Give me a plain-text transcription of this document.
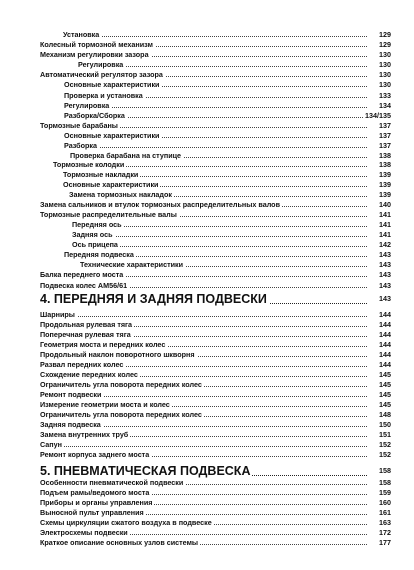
Установка	129
Колесный тормозной механизм	129
Механизм регулировки зазора	130
Регулировка	130
Автоматический регулятор зазора	130
Основные характеристики	130
Проверка и установка	133
Регулировка	134
Разборка/Сборка	134/135
Тормозные барабаны	137
Основные характеристики	137
Разборка	137
Проверка барабана на ступице	138
Тормозные колодки	138
Тормозные накладки	139
Основные характеристики	139
Замена тормозных накладок	139
Замена сальников и втулок тормозных распределительных валов	140
Тормозные распределительные валы	141
Передняя ось	141
Задняя ось	141
Ось прицепа	142
Передняя подвеска	143
Технические характеристики	143
Балка переднего моста	143
Подвеска колес AM56/61	143
4. ПЕРЕДНЯЯ И ЗАДНЯЯ ПОДВЕСКИ	143
Шарниры	144
Продольная рулевая тяга	144
Поперечная рулевая тяга	144
Геометрия моста и передних колес	144
Продольный наклон поворотного шкворня	144
Развал передних колес	144
Схождение передних колес	145
Ограничитель угла поворота передних колес	145
Ремонт подвески	145
Измерение геометрии моста и колес	145
Ограничитель угла поворота передних колес	148
Задняя подвеска	150
Замена внутренних труб	151
Сапун	152
Ремонт корпуса заднего моста	152
5. ПНЕВМАТИЧЕСКАЯ ПОДВЕСКА	158
Особенности пневматической подвески	158
Подъем рамы/ведомого моста	159
Приборы и органы управления	160
Выносной пульт управления	161
Схемы циркуляции сжатого воздуха в подвеске	163
Электросхемы подвески	172
Краткое описание основных узлов системы	177
